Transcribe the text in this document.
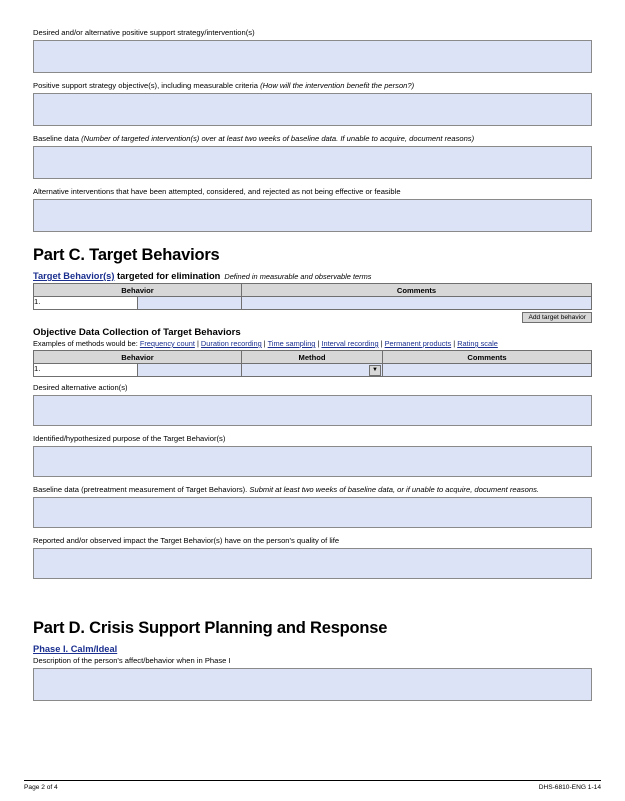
Desired and/or alternative positive support strategy/intervention(s)
Positive support strategy objective(s), including measurable criteria (How will the intervention benefit the person?)
Baseline data (Number of targeted intervention(s) over at least two weeks of baseline data. If unable to acquire, document reasons)
Alternative interventions that have been attempted, considered, and rejected as not being effective or feasible
Part C. Target Behaviors
Target Behavior(s) targeted for elimination Defined in measurable and observable terms
Behavior		Comments
1.		
Add target behavior
Objective Data Collection of Target Behaviors
Examples of methods would be: Frequency count | Duration recording | Time sampling | Interval recording | Permanent products | Rating scale
Behavior		Method	Comments
1.		▼	

Desired alternative action(s)
Identified/hypothesized purpose of the Target Behavior(s)
Baseline data (pretreatment measurement of Target Behaviors). Submit at least two weeks of baseline data, or if unable to acquire, document reasons.
Reported and/or observed impact the Target Behavior(s) have on the person's quality of life
Part D. Crisis Support Planning and Response
Phase I. Calm/Ideal
Description of the person's affect/behavior when in Phase I
Page 2 of 4	DHS-6810-ENG 1-14
